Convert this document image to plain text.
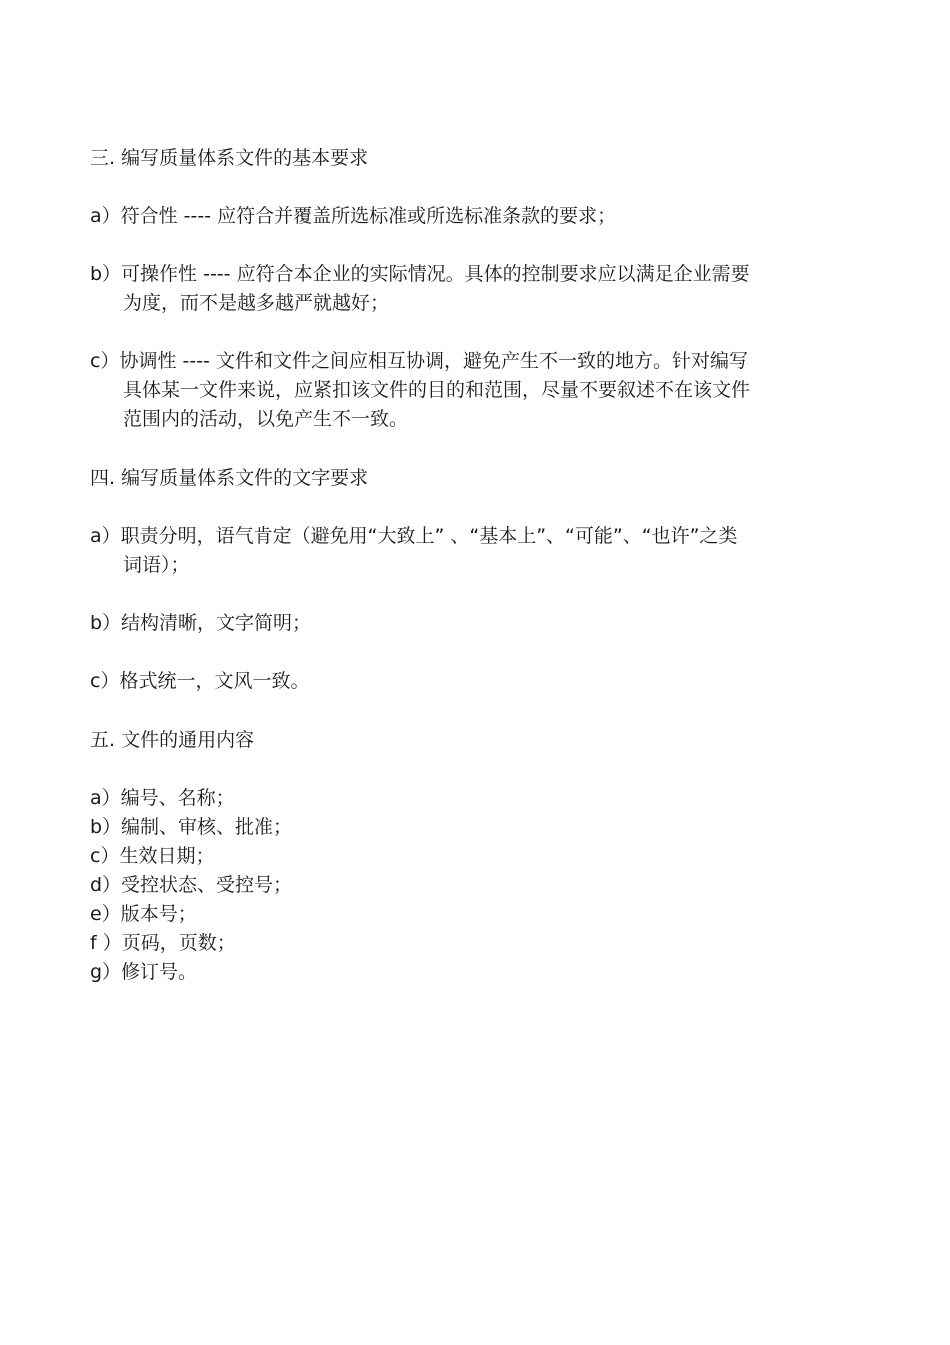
三. 编写质量体系文件的基本要求
a）符合性 ---- 应符合并覆盖所选标准或所选标准条款的要求；
b）可操作性 ---- 应符合本企业的实际情况。具体的控制要求应以满足企业需要
为度，而不是越多越严就越好；
c）协调性 ---- 文件和文件之间应相互协调，避免产生不一致的地方。针对编写
具体某一文件来说，应紧扣该文件的目的和范围，尽量不要叙述不在该文件
范围内的活动，以免产生不一致。
四. 编写质量体系文件的文字要求
a）职责分明，语气肯定（避免用“大致上” 、“基本上”、“可能”、“也许”之类
词语）；
b）结构清晰，文字简明；
c）格式统一，文风一致。
五. 文件的通用内容
a）编号、名称；
b）编制、审核、批准；
c）生效日期；
d）受控状态、受控号；
e）版本号；
f ）页码，页数；
g）修订号。
